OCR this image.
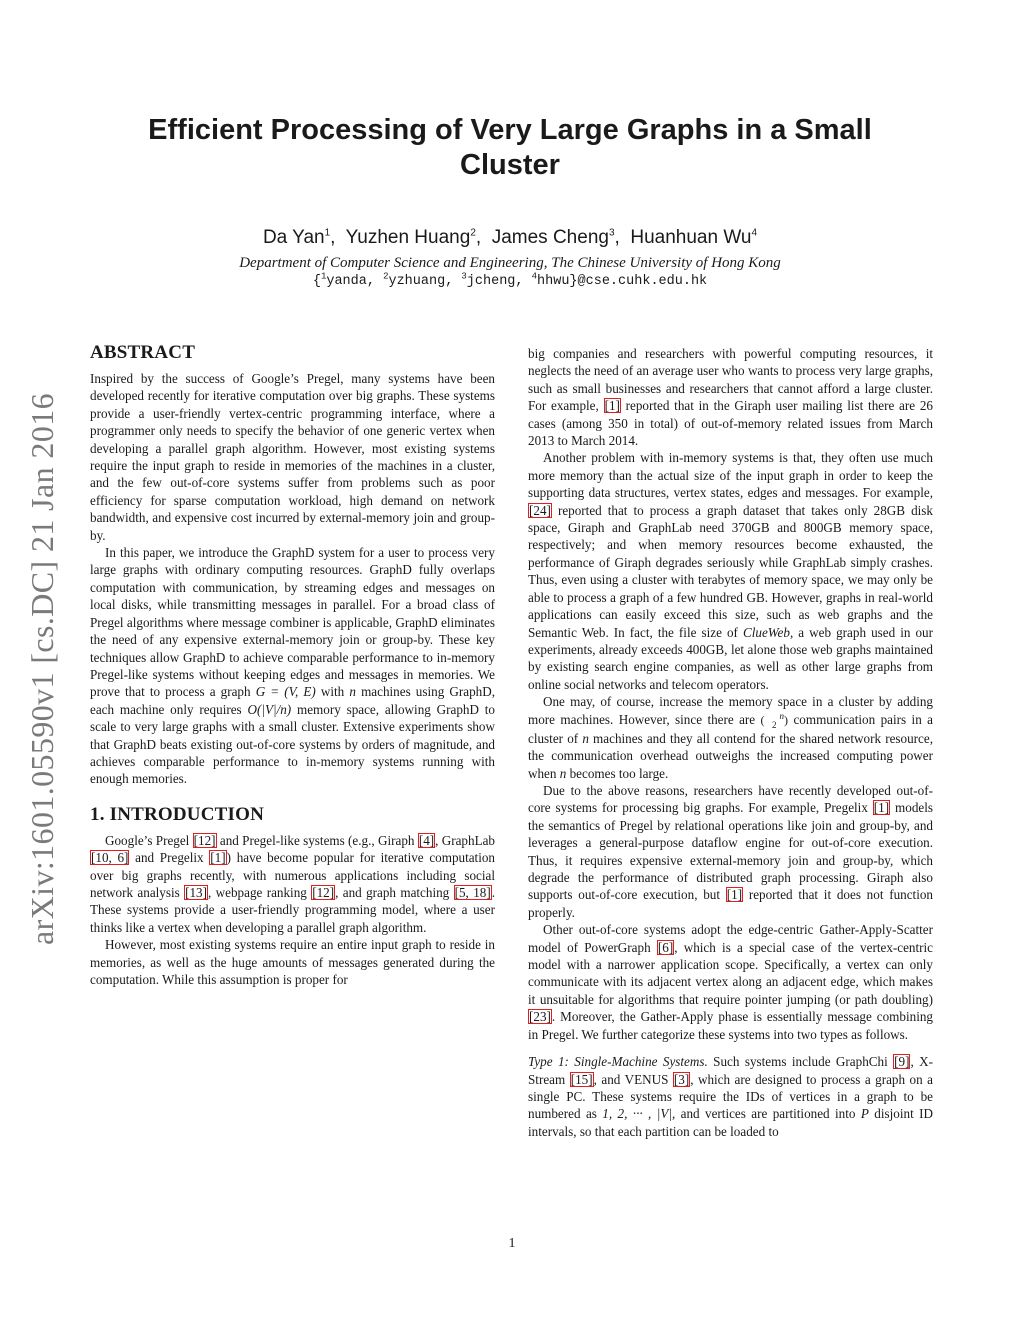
arXiv:1601.05590v1 [cs.DC] 21 Jan 2016
Efficient Processing of Very Large Graphs in a Small Cluster
Da Yan$^1$,  Yuzhen Huang$^2$,  James Cheng$^3$,  Huanhuan Wu$^4$
Department of Computer Science and Engineering, The Chinese University of Hong Kong
{$^1$yanda, $^2$yzhuang, $^3$jcheng, $^4$hhwu}@cse.cuhk.edu.hk
ABSTRACT

Inspired by the success of Google’s Pregel, many systems have been developed recently for iterative computation over big graphs. These systems provide a user-friendly vertex-centric programming interface, where a programmer only needs to specify the behavior of one generic vertex when developing a parallel graph algorithm. However, most existing systems require the input graph to reside in memories of the machines in a cluster, and the few out-of-core systems suffer from problems such as poor efficiency for sparse computation workload, high demand on network bandwidth, and expensive cost incurred by external-memory join and group-by.

In this paper, we introduce the GraphD system for a user to process very large graphs with ordinary computing resources. GraphD fully overlaps computation with communication, by streaming edges and messages on local disks, while transmitting messages in parallel. For a broad class of Pregel algorithms where message combiner is applicable, GraphD eliminates the need of any expensive external-memory join or group-by. These key techniques allow GraphD to achieve comparable performance to in-memory Pregel-like systems without keeping edges and messages in memories. We prove that to process a graph G = (V, E) with n machines using GraphD, each machine only requires O(|V|/n) memory space, allowing GraphD to scale to very large graphs with a small cluster. Extensive experiments show that GraphD beats existing out-of-core systems by orders of magnitude, and achieves comparable performance to in-memory systems running with enough memories.

1. INTRODUCTION

Google’s Pregel [12] and Pregel-like systems (e.g., Giraph [4], GraphLab [10, 6] and Pregelix [1]) have become popular for iterative computation over big graphs recently, with numerous applications including social network analysis [13], webpage ranking [12], and graph matching [5, 18]. These systems provide a user-friendly programming model, where a user thinks like a vertex when developing a parallel graph algorithm.

However, most existing systems require an entire input graph to reside in memories, as well as the huge amounts of messages generated during the computation. While this assumption is proper for

big companies and researchers with powerful computing resources, it neglects the need of an average user who wants to process very large graphs, such as small businesses and researchers that cannot afford a large cluster. For example, [1] reported that in the Giraph user mailing list there are 26 cases (among 350 in total) of out-of-memory related issues from March 2013 to March 2014.

Another problem with in-memory systems is that, they often use much more memory than the actual size of the input graph in order to keep the supporting data structures, vertex states, edges and messages. For example, [24] reported that to process a graph dataset that takes only 28GB disk space, Giraph and GraphLab need 370GB and 800GB memory space, respectively; and when memory resources become exhausted, the performance of Giraph degrades seriously while GraphLab simply crashes. Thus, even using a cluster with terabytes of memory space, we may only be able to process a graph of a few hundred GB. However, graphs in real-world applications can easily exceed this size, such as web graphs and the Semantic Web. In fact, the file size of ClueWeb, a web graph used in our experiments, already exceeds 400GB, let alone those web graphs maintained by existing search engine companies, as well as other large graphs from online social networks and telecom operators.

One may, of course, increase the memory space in a cluster by adding more machines. However, since there are ( n
2 ) communication pairs in a cluster of n machines and they all contend for the shared network resource, the communication overhead outweighs the increased computing power when n becomes too large.

Due to the above reasons, researchers have recently developed out-of-core systems for processing big graphs. For example, Pregelix [1] models the semantics of Pregel by relational operations like join and group-by, and leverages a general-purpose dataflow engine for out-of-core execution. Thus, it requires expensive external-memory join and group-by, which degrade the performance of distributed graph processing. Giraph also supports out-of-core execution, but [1] reported that it does not function properly.

Other out-of-core systems adopt the edge-centric Gather-Apply-Scatter model of PowerGraph [6], which is a special case of the vertex-centric model with a narrower application scope. Specifically, a vertex can only communicate with its adjacent vertex along an adjacent edge, which makes it unsuitable for algorithms that require pointer jumping (or path doubling) [23]. Moreover, the Gather-Apply phase is essentially message combining in Pregel. We further categorize these systems into two types as follows.

Type 1: Single-Machine Systems. Such systems include GraphChi [9], X-Stream [15], and VENUS [3], which are designed to process a graph on a single PC. These systems require the IDs of vertices in a graph to be numbered as 1, 2, ··· , |V|, and vertices are partitioned into P disjoint ID intervals, so that each partition can be loaded to

1
